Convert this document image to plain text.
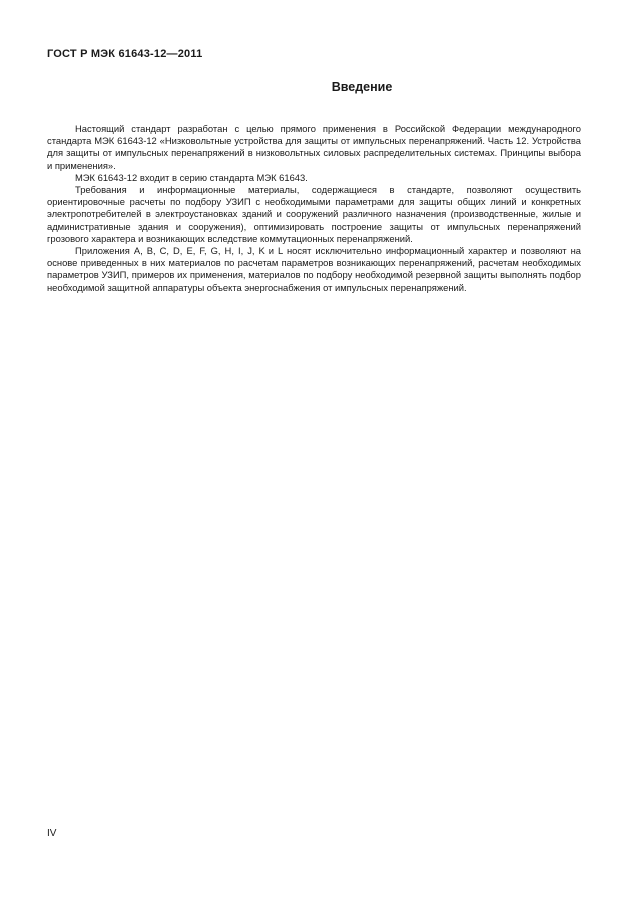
ГОСТ Р МЭК 61643-12—2011
Введение

Настоящий стандарт разработан с целью прямого применения в Российской Федерации международного стандарта МЭК 61643-12 «Низковольтные устройства для защиты от импульсных перенапряжений. Часть 12. Устройства для защиты от импульсных перенапряжений в низковольтных силовых распределительных системах. Принципы выбора и применения».

МЭК 61643-12 входит в серию стандарта МЭК 61643.

Требования и информационные материалы, содержащиеся в стандарте, позволяют осуществить ориентировочные расчеты по подбору УЗИП с необходимыми параметрами для защиты общих линий и конкретных электропотребителей в электроустановках зданий и сооружений различного назначения (производственные, жилые и административные здания и сооружения), оптимизировать построение защиты от импульсных перенапряжений грозового характера и возникающих вследствие коммутационных перенапряжений.

Приложения A, B, C, D, E, F, G, H, I, J, K и L носят исключительно информационный характер и позволяют на основе приведенных в них материалов по расчетам параметров возникающих перенапряжений, расчетам необходимых параметров УЗИП, примеров их применения, материалов по подбору необходимой резервной защиты выполнять подбор необходимой защитной аппаратуры объекта энергоснабжения от импульсных перенапряжений.

IV
